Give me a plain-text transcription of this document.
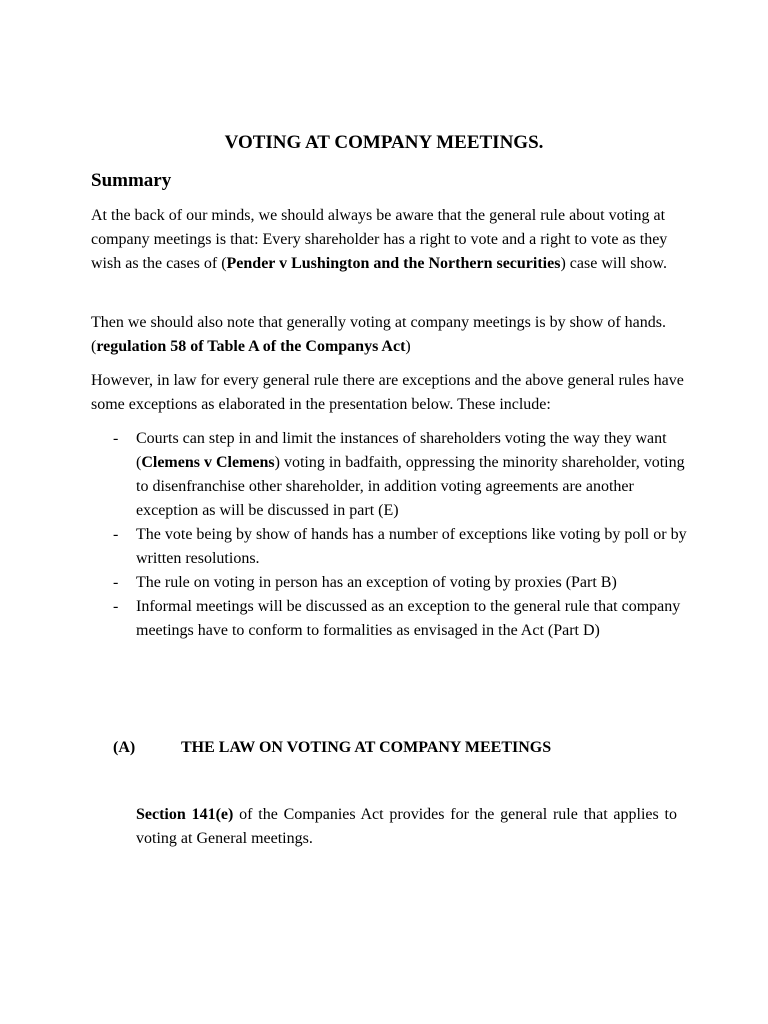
VOTING AT COMPANY MEETINGS.
Summary

At the back of our minds, we should always be aware that the general rule about voting at company meetings is that: Every shareholder has a right to vote and a right to vote as they wish as the cases of (Pender v Lushington and the Northern securities) case will show.

Then we should also note that generally voting at company meetings is by show of hands. (regulation 58 of Table A of the Companys Act)

However, in law for every general rule there are exceptions and the above general rules have some exceptions as elaborated in the presentation below. These include:

- Courts can step in and limit the instances of shareholders voting the way they want (Clemens v Clemens) voting in badfaith, oppressing the minority shareholder, voting to disenfranchise other shareholder, in addition voting agreements are another exception as will be discussed in part (E)
- The vote being by show of hands has a number of exceptions like voting by poll or by written resolutions.
- The rule on voting in person has an exception of voting by proxies (Part B)
- Informal meetings will be discussed as an exception to the general rule that company meetings have to conform to formalities as envisaged in the Act (Part D)
(A)	THE LAW ON VOTING AT COMPANY MEETINGS

Section 141(e) of the Companies Act provides for the general rule that applies to voting at General meetings.
